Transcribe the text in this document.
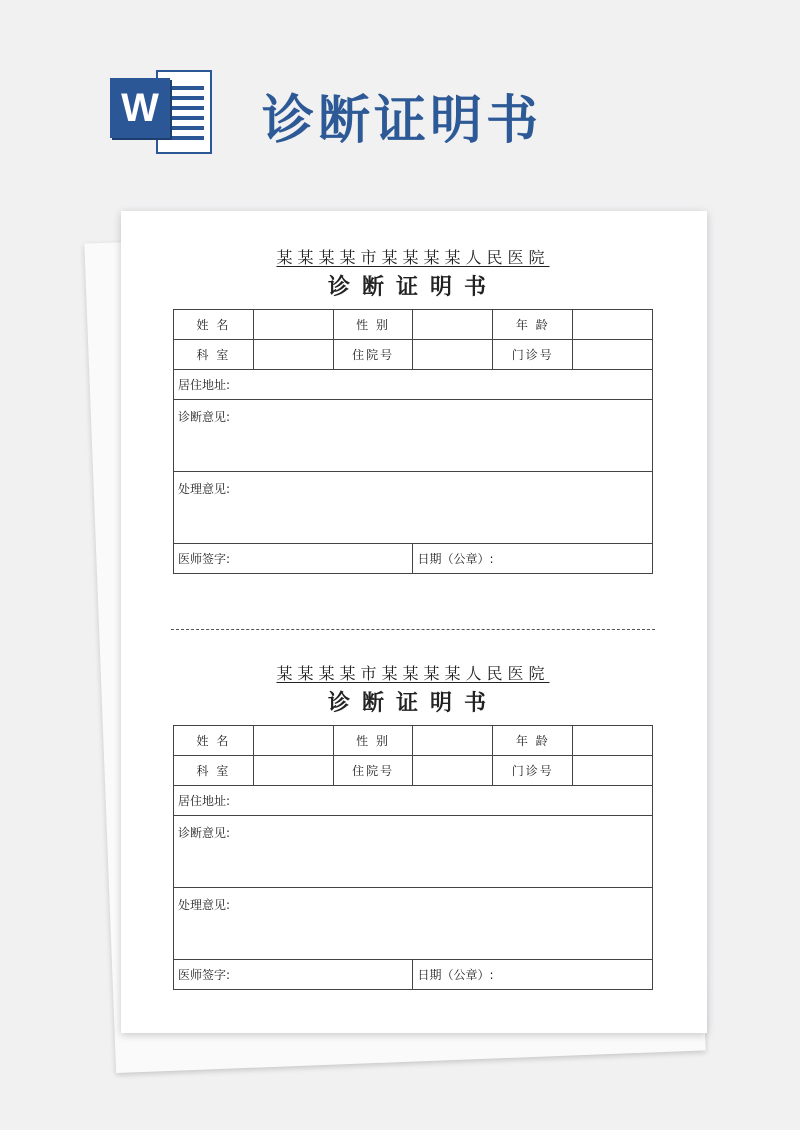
W 诊断证明书
某某某某市某某某某人民医院
诊断证明书
姓 名		性 别		年 龄	
科 室		住院号		门诊号	
居住地址:					
诊断意见:					
处理意见:					
医师签字:			日期（公章）:		
某某某某市某某某某人民医院
诊断证明书
姓 名		性 别		年 龄	
科 室		住院号		门诊号	
居住地址:					
诊断意见:					
处理意见:					
医师签字:			日期（公章）:		
